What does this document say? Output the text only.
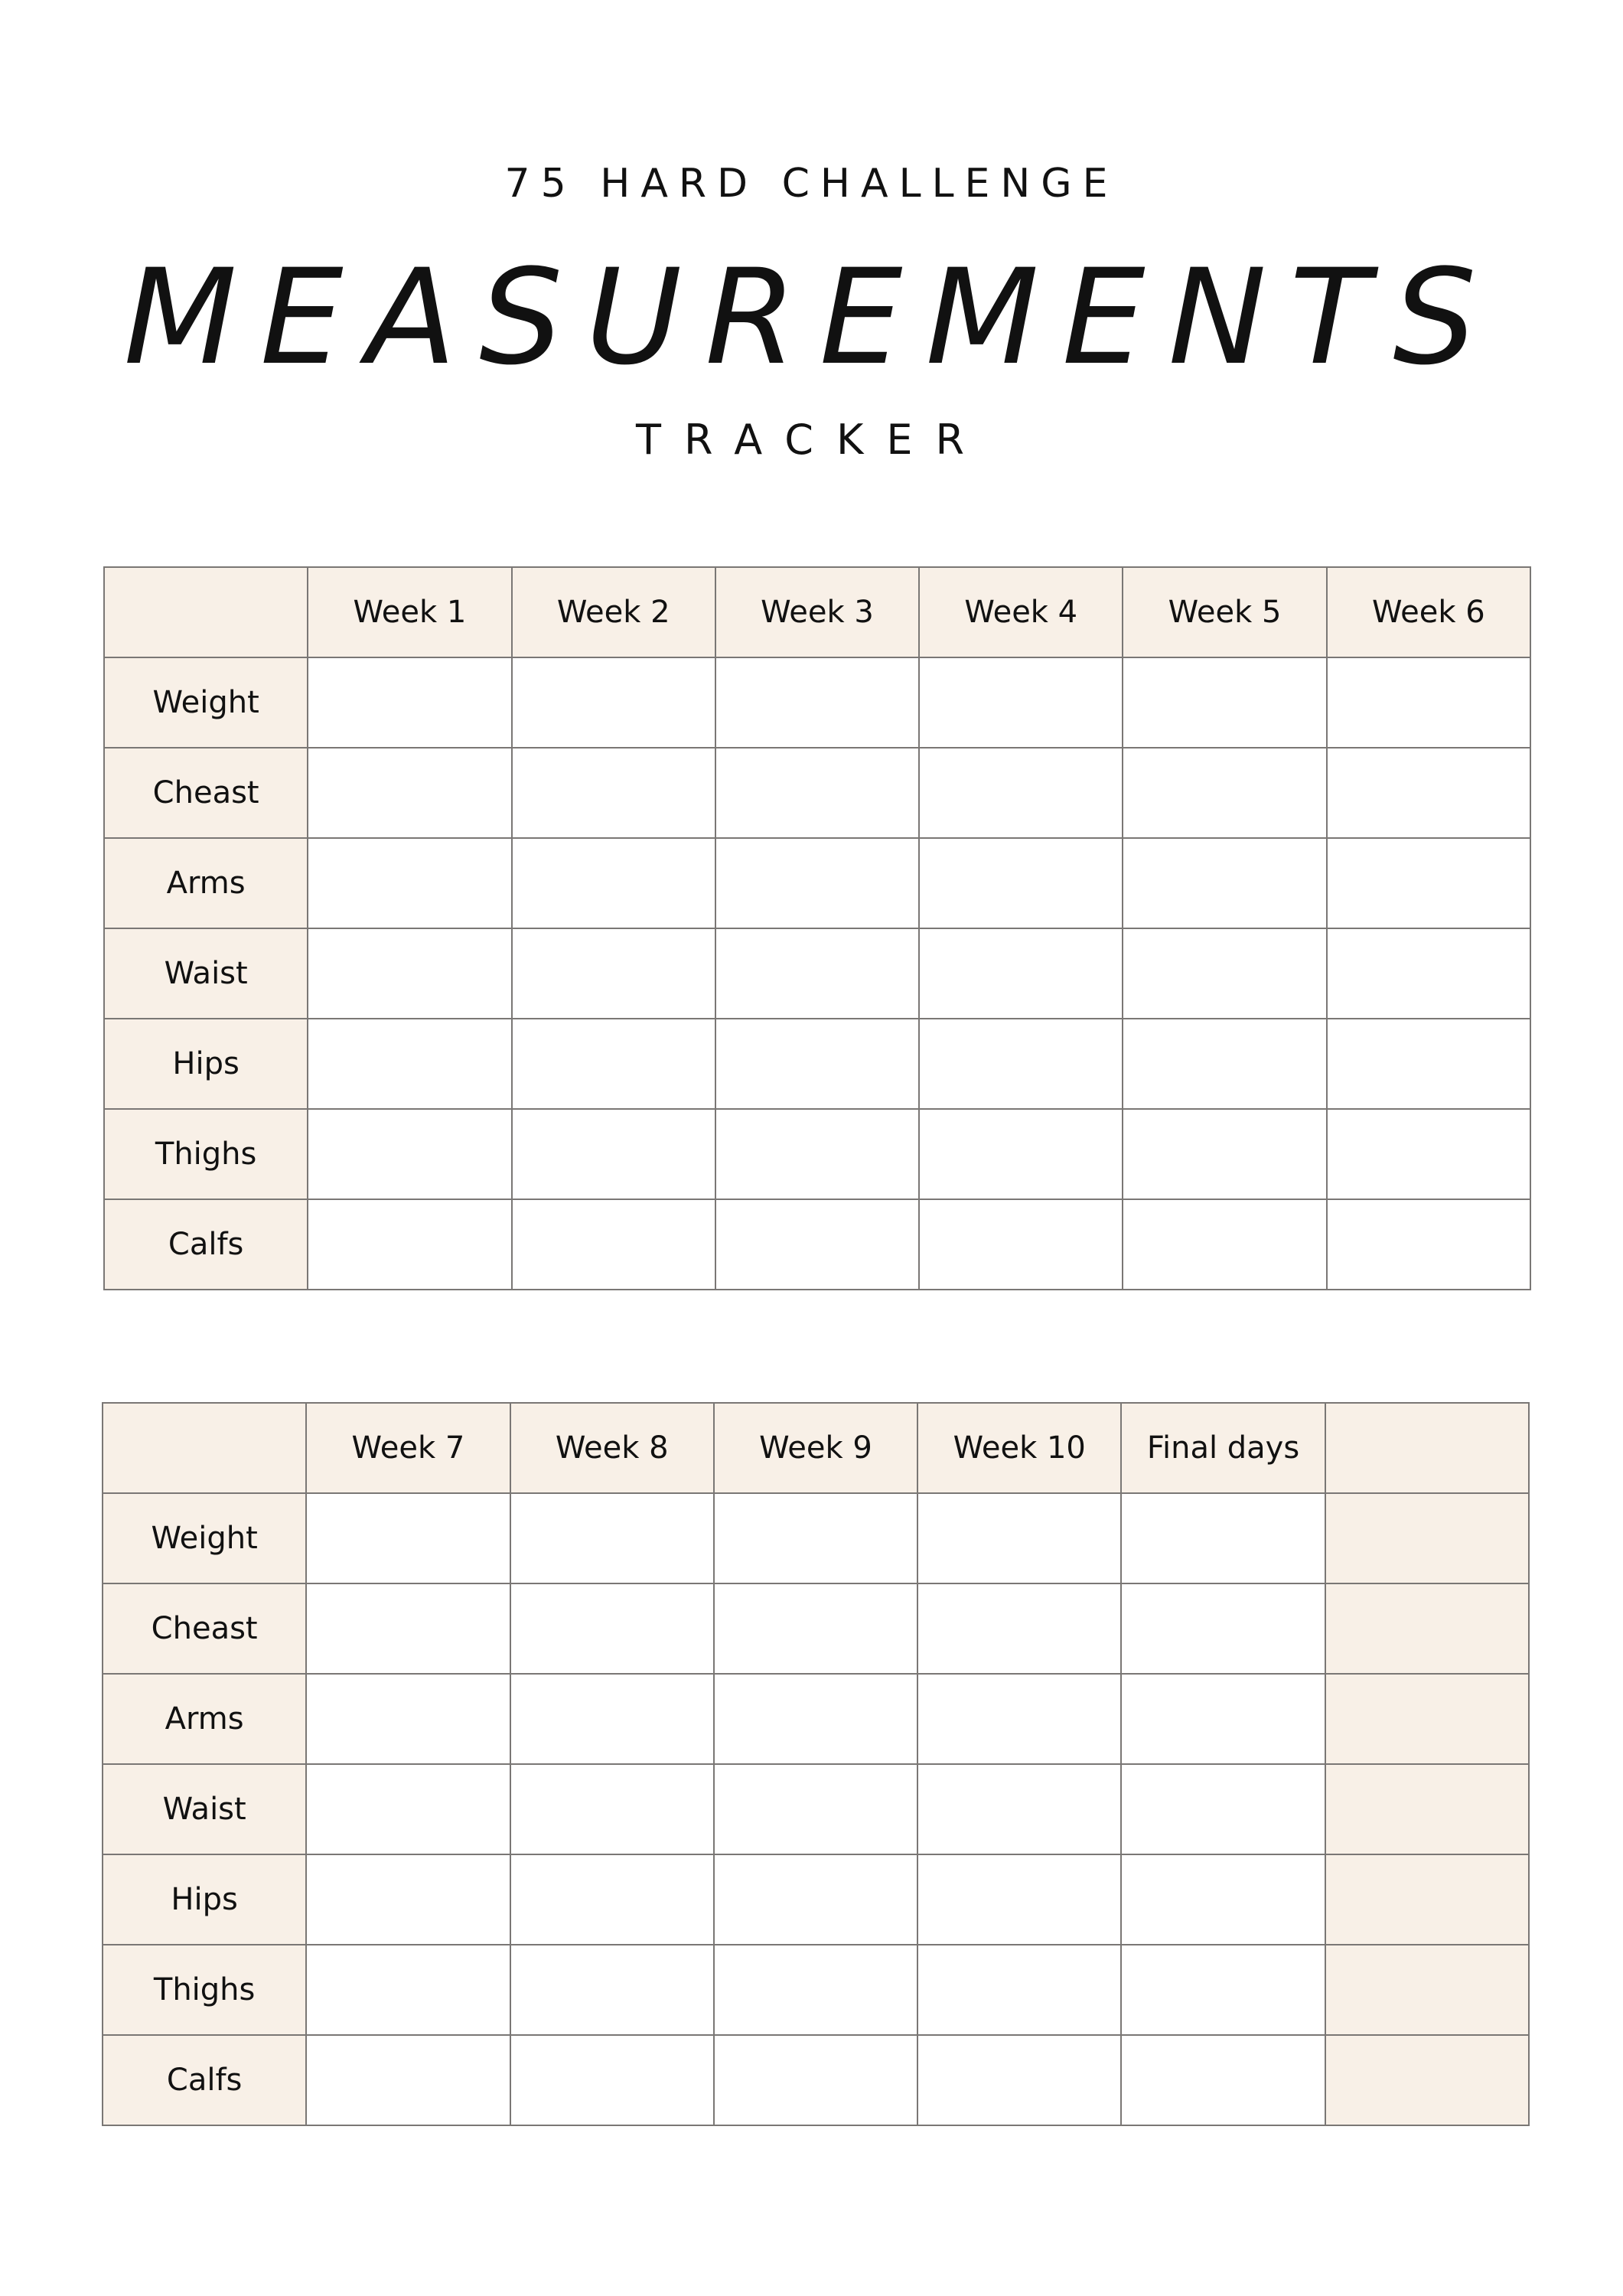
75 HARD CHALLENGE
MEASUREMENTS
TRACKER
	Week 1	Week 2	Week 3	Week 4	Week 5	Week 6
Weight						
Cheast						
Arms						
Waist						
Hips						
Thighs						
Calfs						
	Week 7	Week 8	Week 9	Week 10	Final days	
Weight						
Cheast						
Arms						
Waist						
Hips						
Thighs						
Calfs						
